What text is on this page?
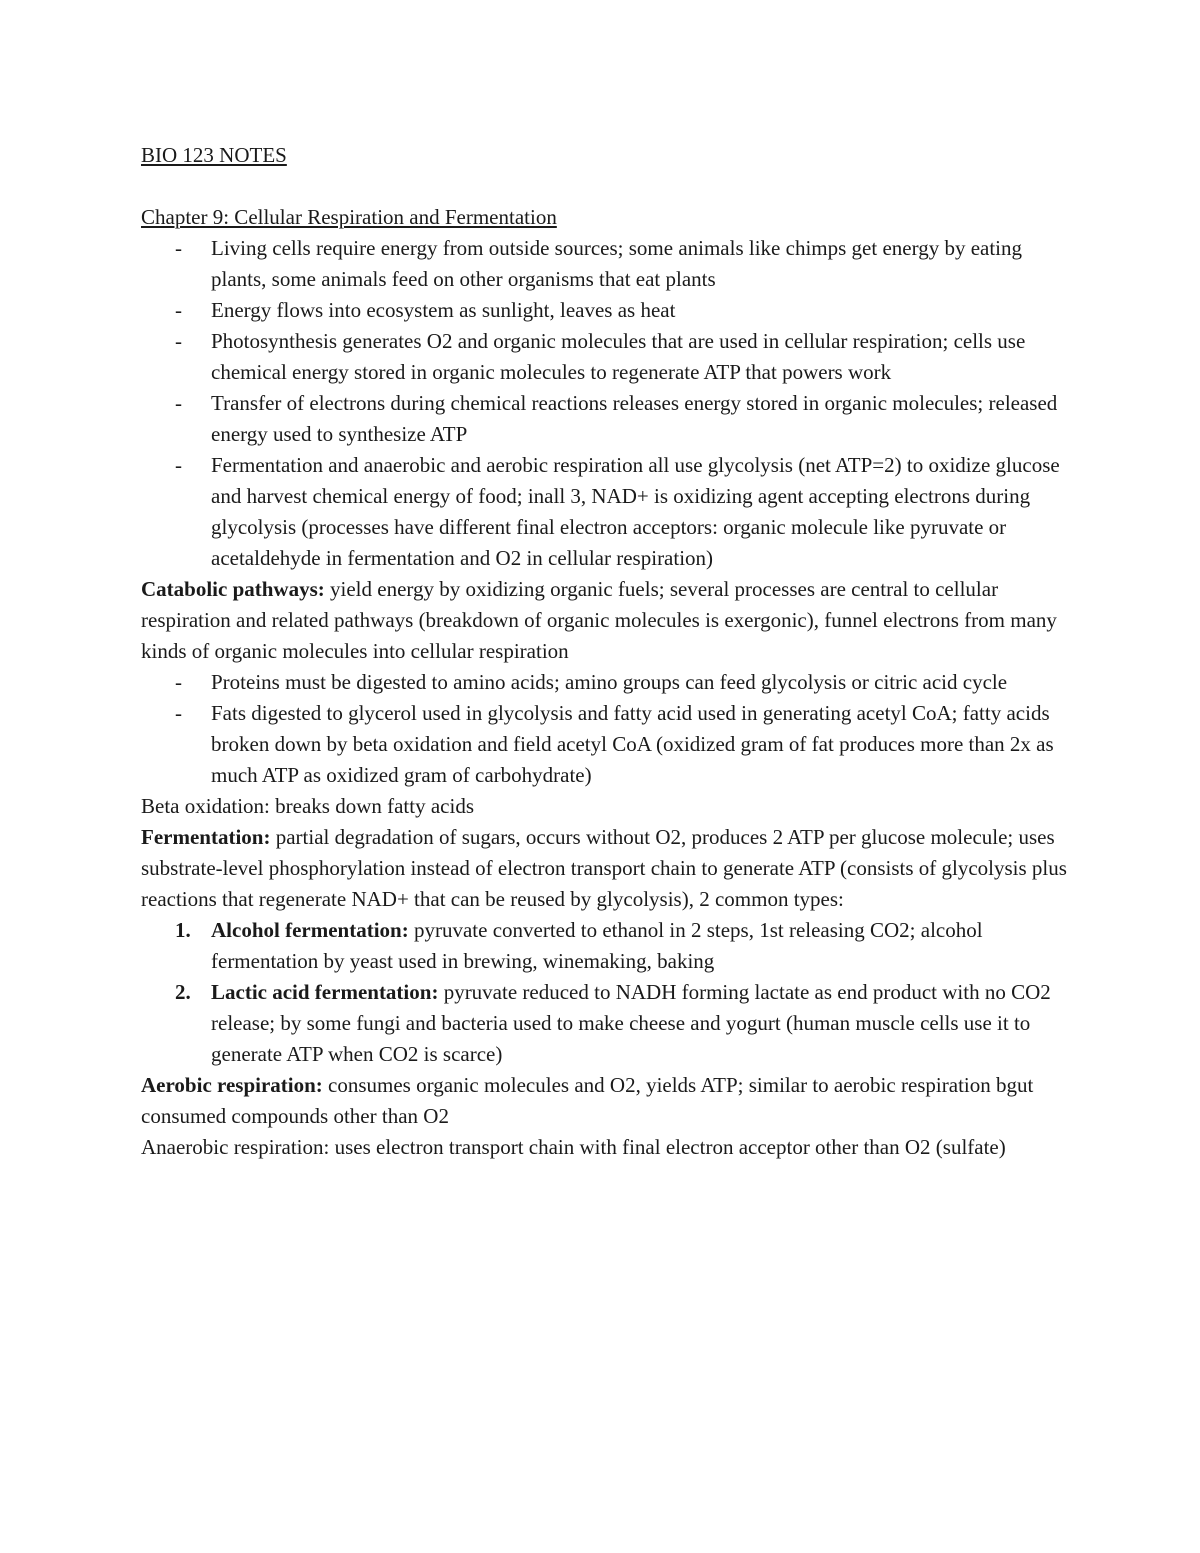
BIO 123 NOTES

Chapter 9: Cellular Respiration and Fermentation

- Living cells require energy from outside sources; some animals like chimps get energy by eating plants, some animals feed on other organisms that eat plants
- Energy flows into ecosystem as sunlight, leaves as heat
- Photosynthesis generates O2 and organic molecules that are used in cellular respiration; cells use chemical energy stored in organic molecules to regenerate ATP that powers work
- Transfer of electrons during chemical reactions releases energy stored in organic molecules; released energy used to synthesize ATP
- Fermentation and anaerobic and aerobic respiration all use glycolysis (net ATP=2) to oxidize glucose and harvest chemical energy of food; inall 3, NAD+ is oxidizing agent accepting electrons during glycolysis (processes have different final electron acceptors: organic molecule like pyruvate or acetaldehyde in fermentation and O2 in cellular respiration)

Catabolic pathways: yield energy by oxidizing organic fuels; several processes are central to cellular respiration and related pathways (breakdown of organic molecules is exergonic), funnel electrons from many kinds of organic molecules into cellular respiration

- Proteins must be digested to amino acids; amino groups can feed glycolysis or citric acid cycle
- Fats digested to glycerol used in glycolysis and fatty acid used in generating acetyl CoA; fatty acids broken down by beta oxidation and field acetyl CoA (oxidized gram of fat produces more than 2x as much ATP as oxidized gram of carbohydrate)

Beta oxidation: breaks down fatty acids

Fermentation: partial degradation of sugars, occurs without O2, produces 2 ATP per glucose molecule; uses substrate-level phosphorylation instead of electron transport chain to generate ATP (consists of glycolysis plus reactions that regenerate NAD+ that can be reused by glycolysis), 2 common types:

1. Alcohol fermentation: pyruvate converted to ethanol in 2 steps, 1st releasing CO2; alcohol fermentation by yeast used in brewing, winemaking, baking
2. Lactic acid fermentation: pyruvate reduced to NADH forming lactate as end product with no CO2 release; by some fungi and bacteria used to make cheese and yogurt (human muscle cells use it to generate ATP when CO2 is scarce)

Aerobic respiration: consumes organic molecules and O2, yields ATP; similar to aerobic respiration bgut consumed compounds other than O2

Anaerobic respiration: uses electron transport chain with final electron acceptor other than O2 (sulfate)
